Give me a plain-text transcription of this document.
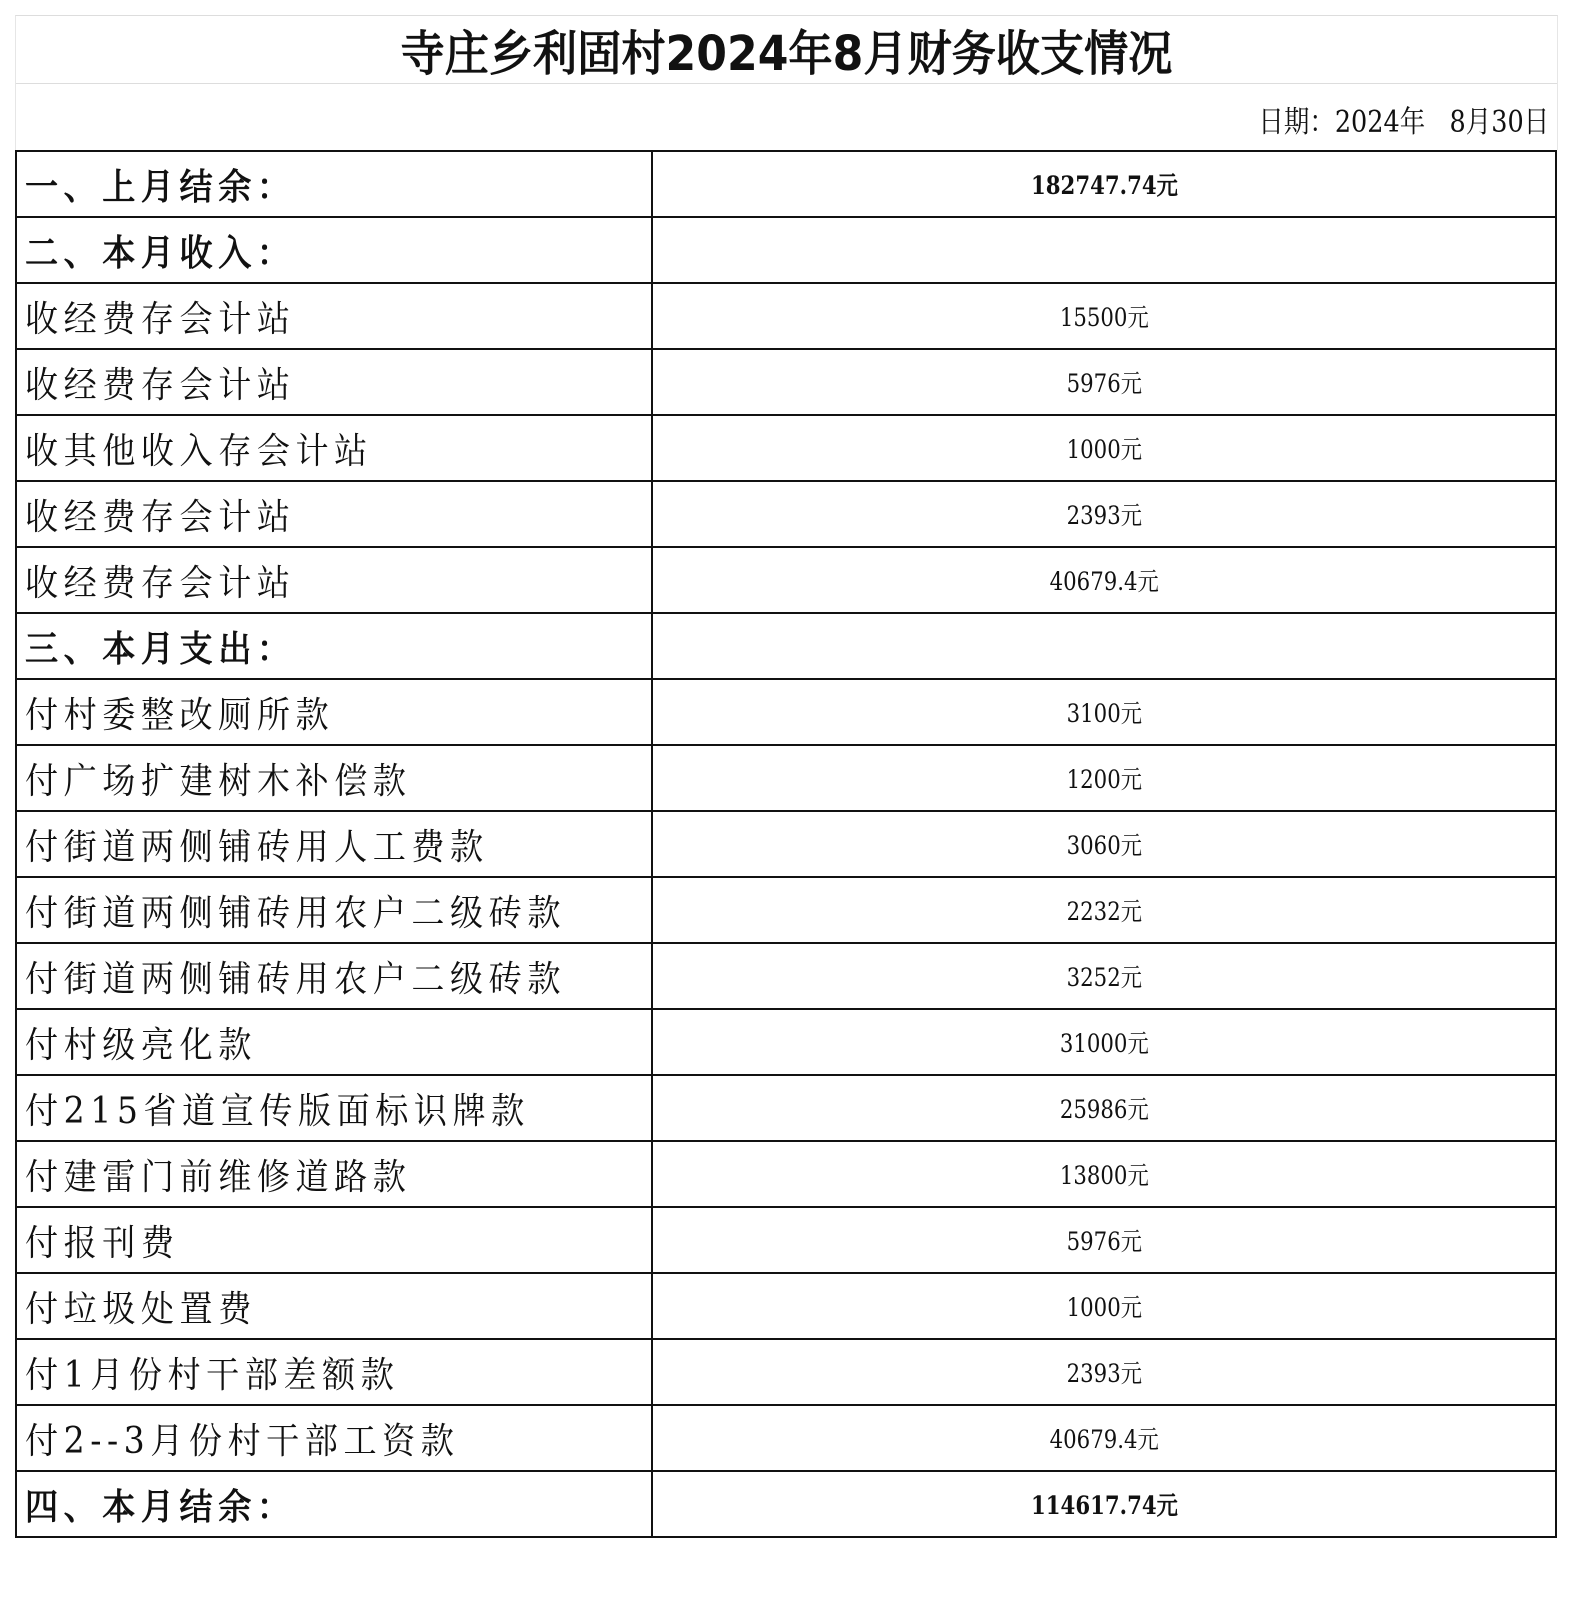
寺庄乡利固村2024年8月财务收支情况
日期：2024年   8月30日
一、上月结余：	182747.74元
二、本月收入：	
收经费存会计站	15500元
收经费存会计站	5976元
收其他收入存会计站	1000元
收经费存会计站	2393元
收经费存会计站	40679.4元
三、本月支出：	
付村委整改厕所款	3100元
付广场扩建树木补偿款	1200元
付街道两侧铺砖用人工费款	3060元
付街道两侧铺砖用农户二级砖款	2232元
付街道两侧铺砖用农户二级砖款	3252元
付村级亮化款	31000元
付215省道宣传版面标识牌款	25986元
付建雷门前维修道路款	13800元
付报刊费	5976元
付垃圾处置费	1000元
付1月份村干部差额款	2393元
付2--3月份村干部工资款	40679.4元
四、本月结余：	114617.74元
